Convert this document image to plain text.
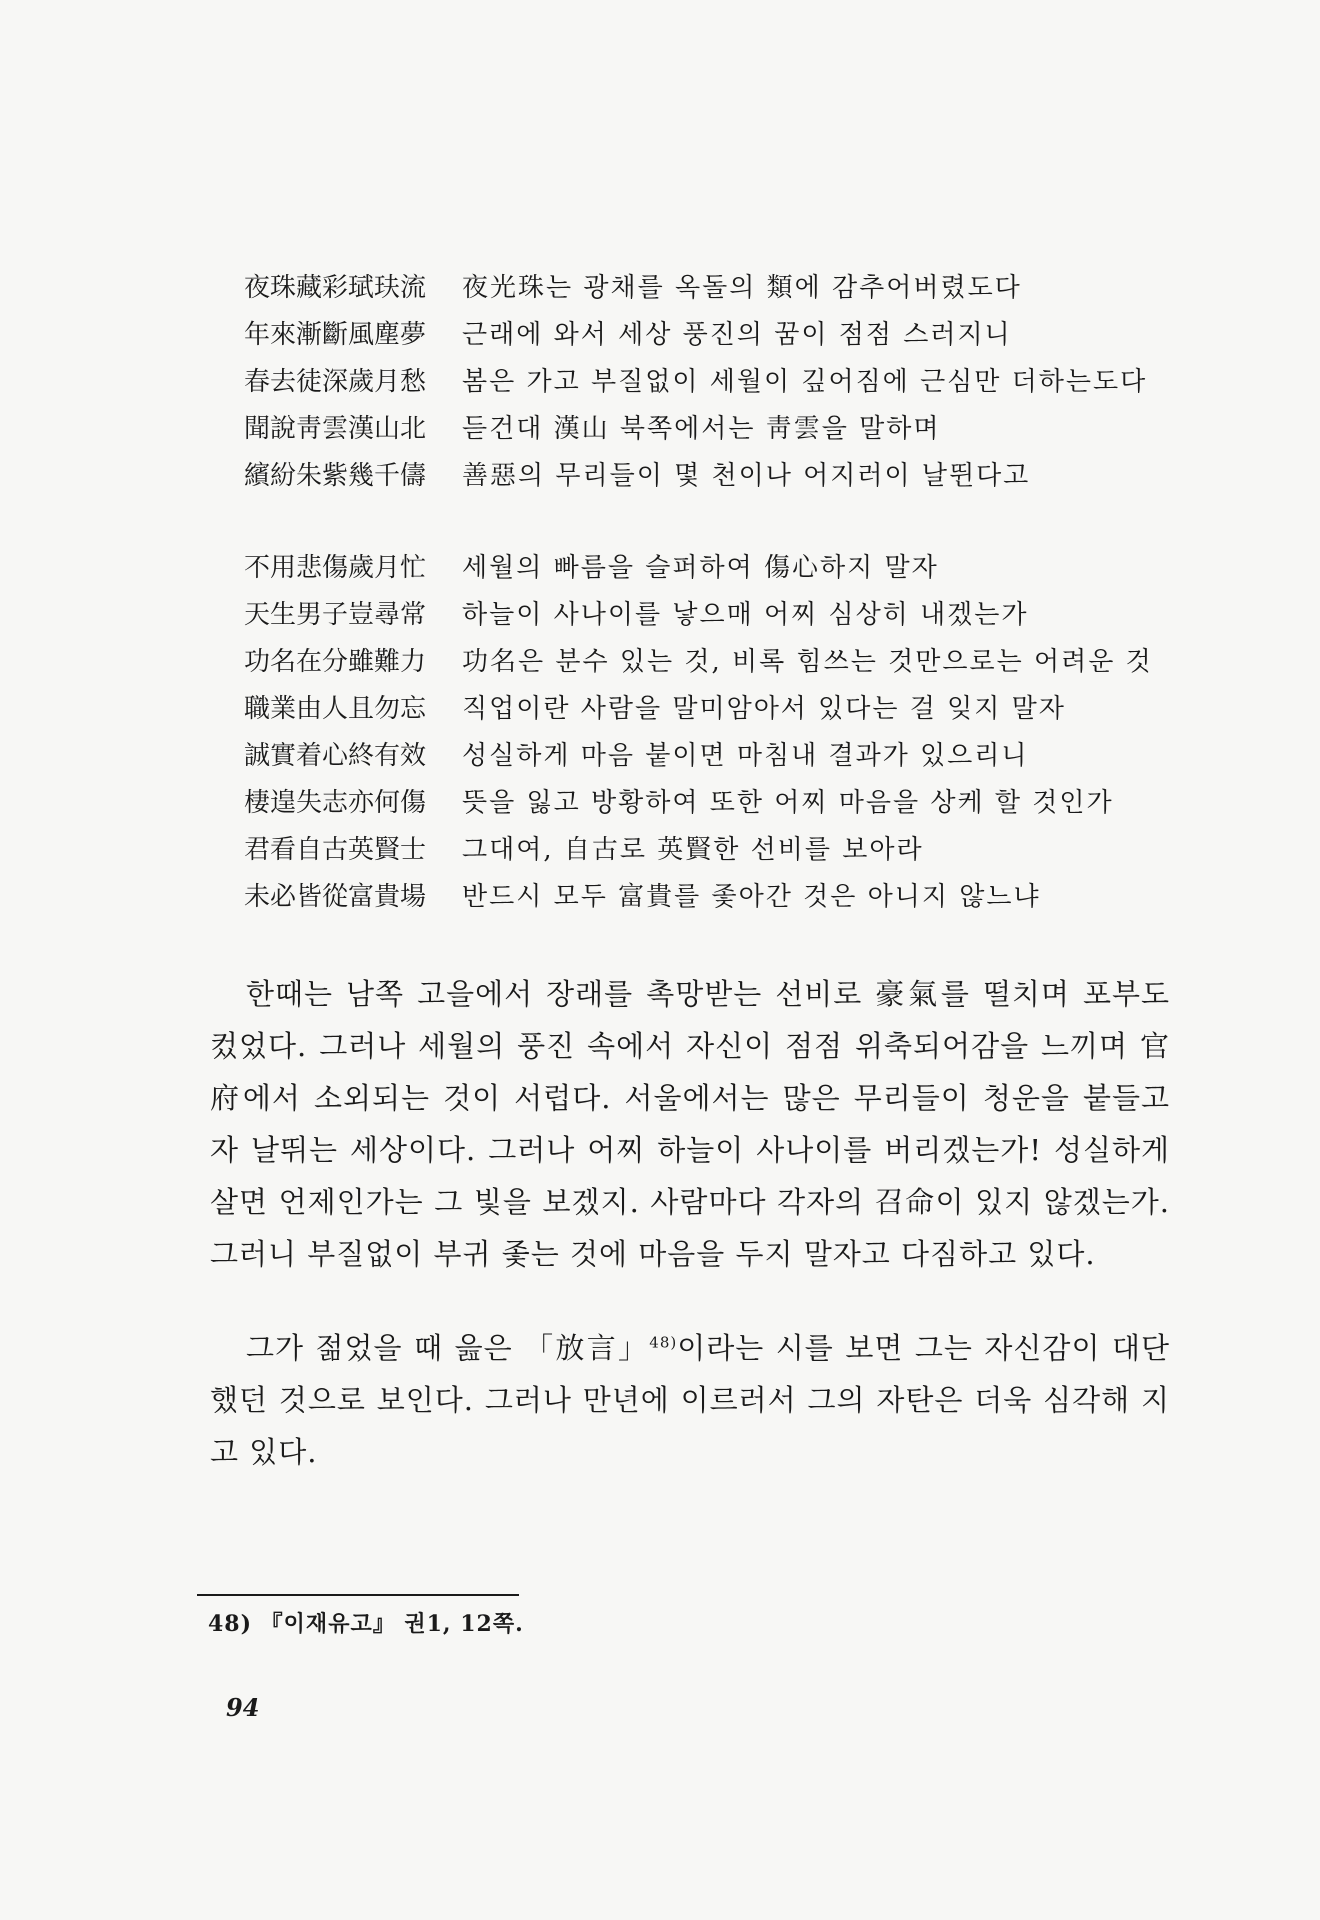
夜珠藏彩珷玞流	夜光珠는 광채를 옥돌의 類에 감추어버렸도다
年來漸斷風塵夢	근래에 와서 세상 풍진의 꿈이 점점 스러지니
春去徒深歲月愁	봄은 가고 부질없이 세월이 깊어짐에 근심만 더하는도다
聞說靑雲漢山北	듣건대 漢山 북쪽에서는 靑雲을 말하며
繽紛朱紫幾千儔	善惡의 무리들이 몇 천이나 어지러이 날뛴다고
不用悲傷歲月忙	세월의 빠름을 슬퍼하여 傷心하지 말자
天生男子豈尋常	하늘이 사나이를 낳으매 어찌 심상히 내겠는가
功名在分雖難力	功名은 분수 있는 것, 비록 힘쓰는 것만으로는 어려운 것
職業由人且勿忘	직업이란 사람을 말미암아서 있다는 걸 잊지 말자
誠實着心終有效	성실하게 마음 붙이면 마침내 결과가 있으리니
棲遑失志亦何傷	뜻을 잃고 방황하여 또한 어찌 마음을 상케 할 것인가
君看自古英賢士	그대여, 自古로 英賢한 선비를 보아라
未必皆從富貴場	반드시 모두 富貴를 좇아간 것은 아니지 않느냐

한때는 남쪽 고을에서 장래를 촉망받는 선비로 豪氣를 떨치며 포부도 컸었다. 그러나 세월의 풍진 속에서 자신이 점점 위축되어감을 느끼며 官府에서 소외되는 것이 서럽다. 서울에서는 많은 무리들이 청운을 붙들고자 날뛰는 세상이다. 그러나 어찌 하늘이 사나이를 버리겠는가! 성실하게 살면 언제인가는 그 빛을 보겠지. 사람마다 각자의 召命이 있지 않겠는가. 그러니 부질없이 부귀 좇는 것에 마음을 두지 말자고 다짐하고 있다.

그가 젊었을 때 읊은 「放言」$^{48)}$이라는 시를 보면 그는 자신감이 대단했던 것으로 보인다. 그러나 만년에 이르러서 그의 자탄은 더욱 심각해 지고 있다.

48) 『이재유고』 권1, 12쪽.
94
